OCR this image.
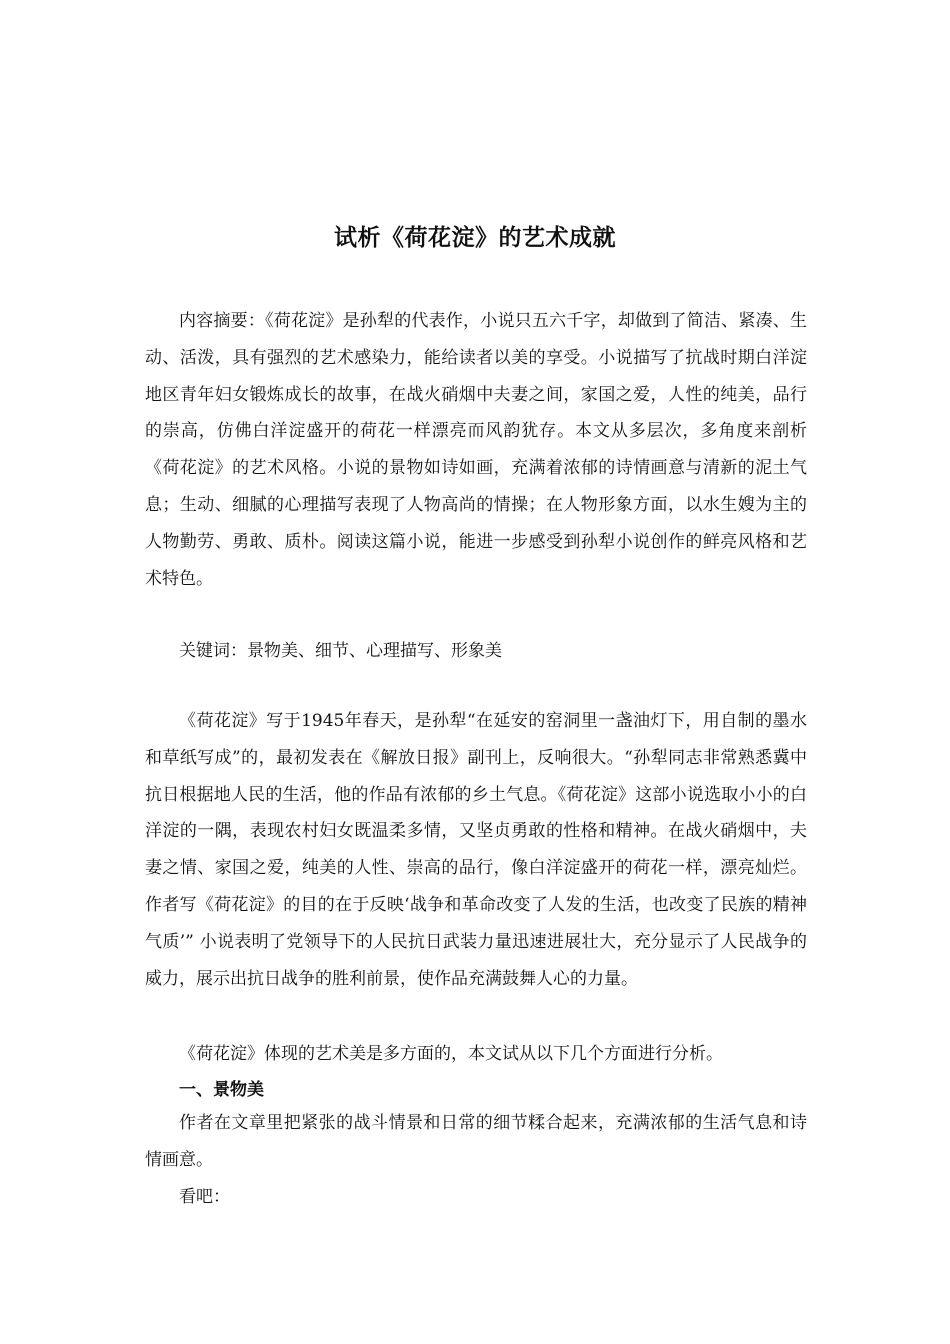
试析《荷花淀》的艺术成就

内容摘要：《荷花淀》是孙犁的代表作，小说只五六千字，却做到了简洁、紧凑、生动、活泼，具有强烈的艺术感染力，能给读者以美的享受。小说描写了抗战时期白洋淀地区青年妇女锻炼成长的故事，在战火硝烟中夫妻之间，家国之爱，人性的纯美，品行的崇高，仿佛白洋淀盛开的荷花一样漂亮而风韵犹存。本文从多层次，多角度来剖析《荷花淀》的艺术风格。小说的景物如诗如画，充满着浓郁的诗情画意与清新的泥土气息；生动、细腻的心理描写表现了人物高尚的情操；在人物形象方面，以水生嫂为主的人物勤劳、勇敢、质朴。阅读这篇小说，能进一步感受到孙犁小说创作的鲜亮风格和艺术特色。

关键词：景物美、细节、心理描写、形象美

《荷花淀》写于1945年春天，是孙犁“在延安的窑洞里一盏油灯下，用自制的墨水和草纸写成”的，最初发表在《解放日报》副刊上，反响很大。“孙犁同志非常熟悉冀中抗日根据地人民的生活，他的作品有浓郁的乡土气息。《荷花淀》这部小说选取小小的白洋淀的一隅，表现农村妇女既温柔多情，又坚贞勇敢的性格和精神。在战火硝烟中，夫妻之情、家国之爱，纯美的人性、崇高的品行，像白洋淀盛开的荷花一样，漂亮灿烂。作者写《荷花淀》的目的在于反映‘战争和革命改变了人发的生活，也改变了民族的精神气质’” 小说表明了党领导下的人民抗日武装力量迅速进展壮大，充分显示了人民战争的威力，展示出抗日战争的胜利前景，使作品充满鼓舞人心的力量。

《荷花淀》体现的艺术美是多方面的，本文试从以下几个方面进行分析。

一、景物美

作者在文章里把紧张的战斗情景和日常的细节糅合起来，充满浓郁的生活气息和诗情画意。

看吧：
